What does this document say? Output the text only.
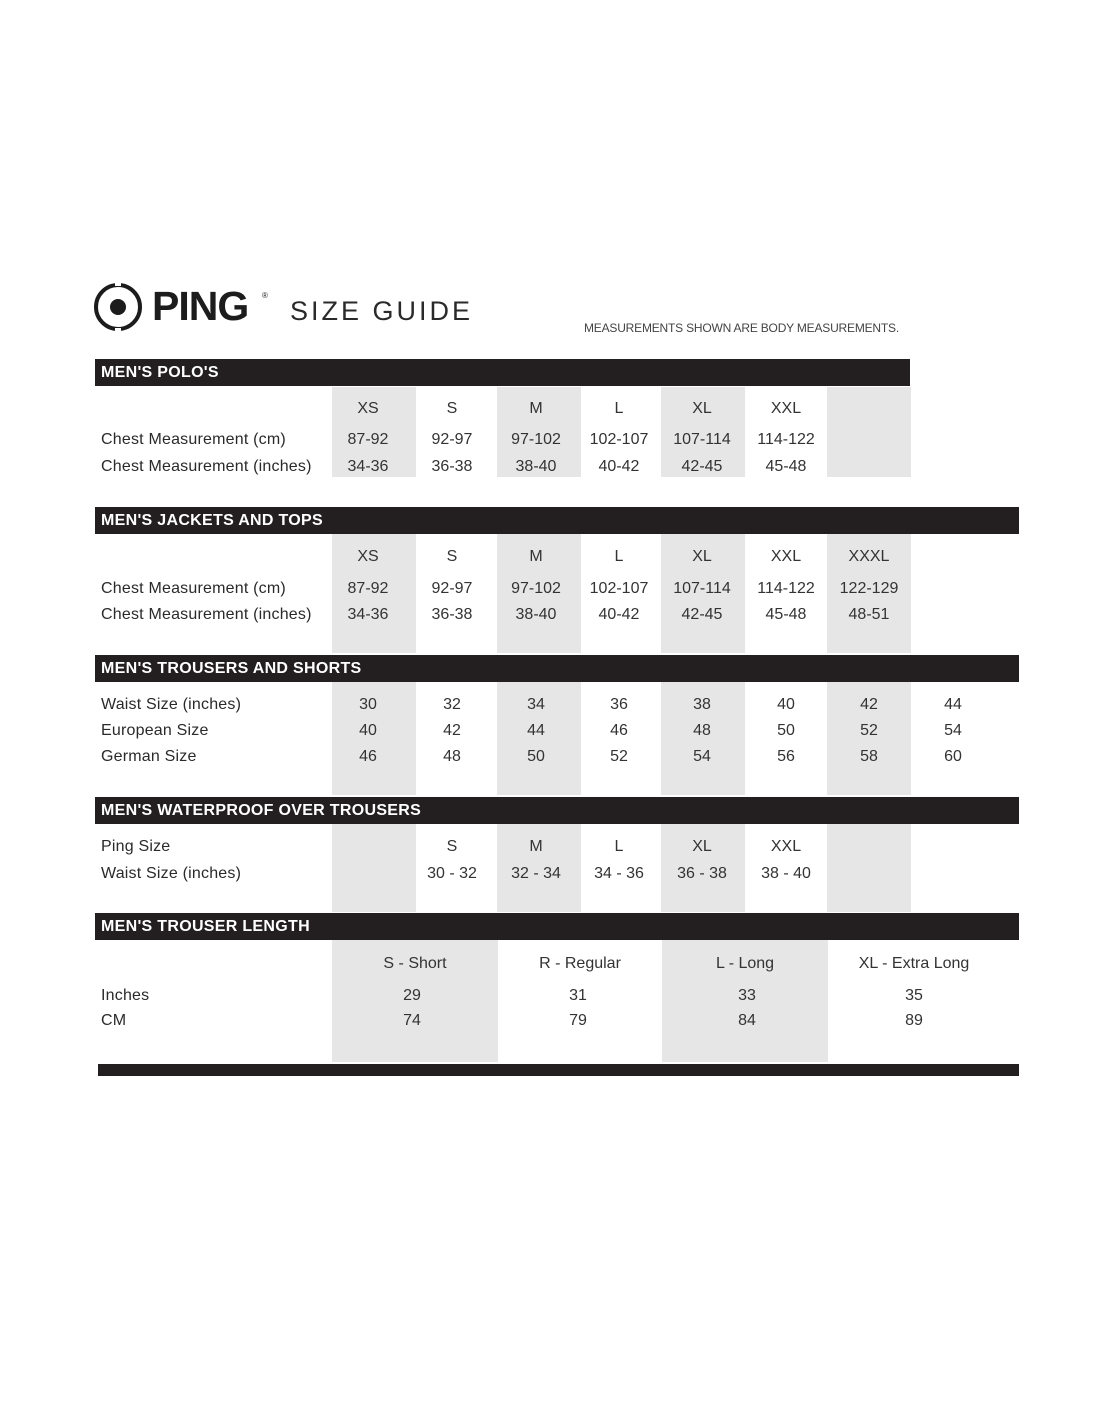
PING ®
SIZE GUIDE
MEASUREMENTS SHOWN ARE BODY MEASUREMENTS.
MEN'S POLO'S
XS	S	M	L	XL	XXL
Chest Measurement (cm)	87-92	92-97	97-102	102-107	107-114	114-122
Chest Measurement (inches)	34-36	36-38	38-40	40-42	42-45	45-48
MEN'S JACKETS AND TOPS
XS	S	M	L	XL	XXL	XXXL
Chest Measurement (cm)	87-92	92-97	97-102	102-107	107-114	114-122	122-129
Chest Measurement (inches)	34-36	36-38	38-40	40-42	42-45	45-48	48-51
MEN'S TROUSERS AND SHORTS
Waist Size (inches)	30	32	34	36	38	40	42	44
European Size	40	42	44	46	48	50	52	54
German Size	46	48	50	52	54	56	58	60
MEN'S WATERPROOF OVER TROUSERS
Ping Size	S	M	L	XL	XXL
Waist Size (inches)	30 - 32	32 - 34	34 - 36	36 - 38	38 - 40
MEN'S TROUSER LENGTH
S - Short	R - Regular	L - Long	XL - Extra Long
Inches	29	31	33	35
CM	74	79	84	89
